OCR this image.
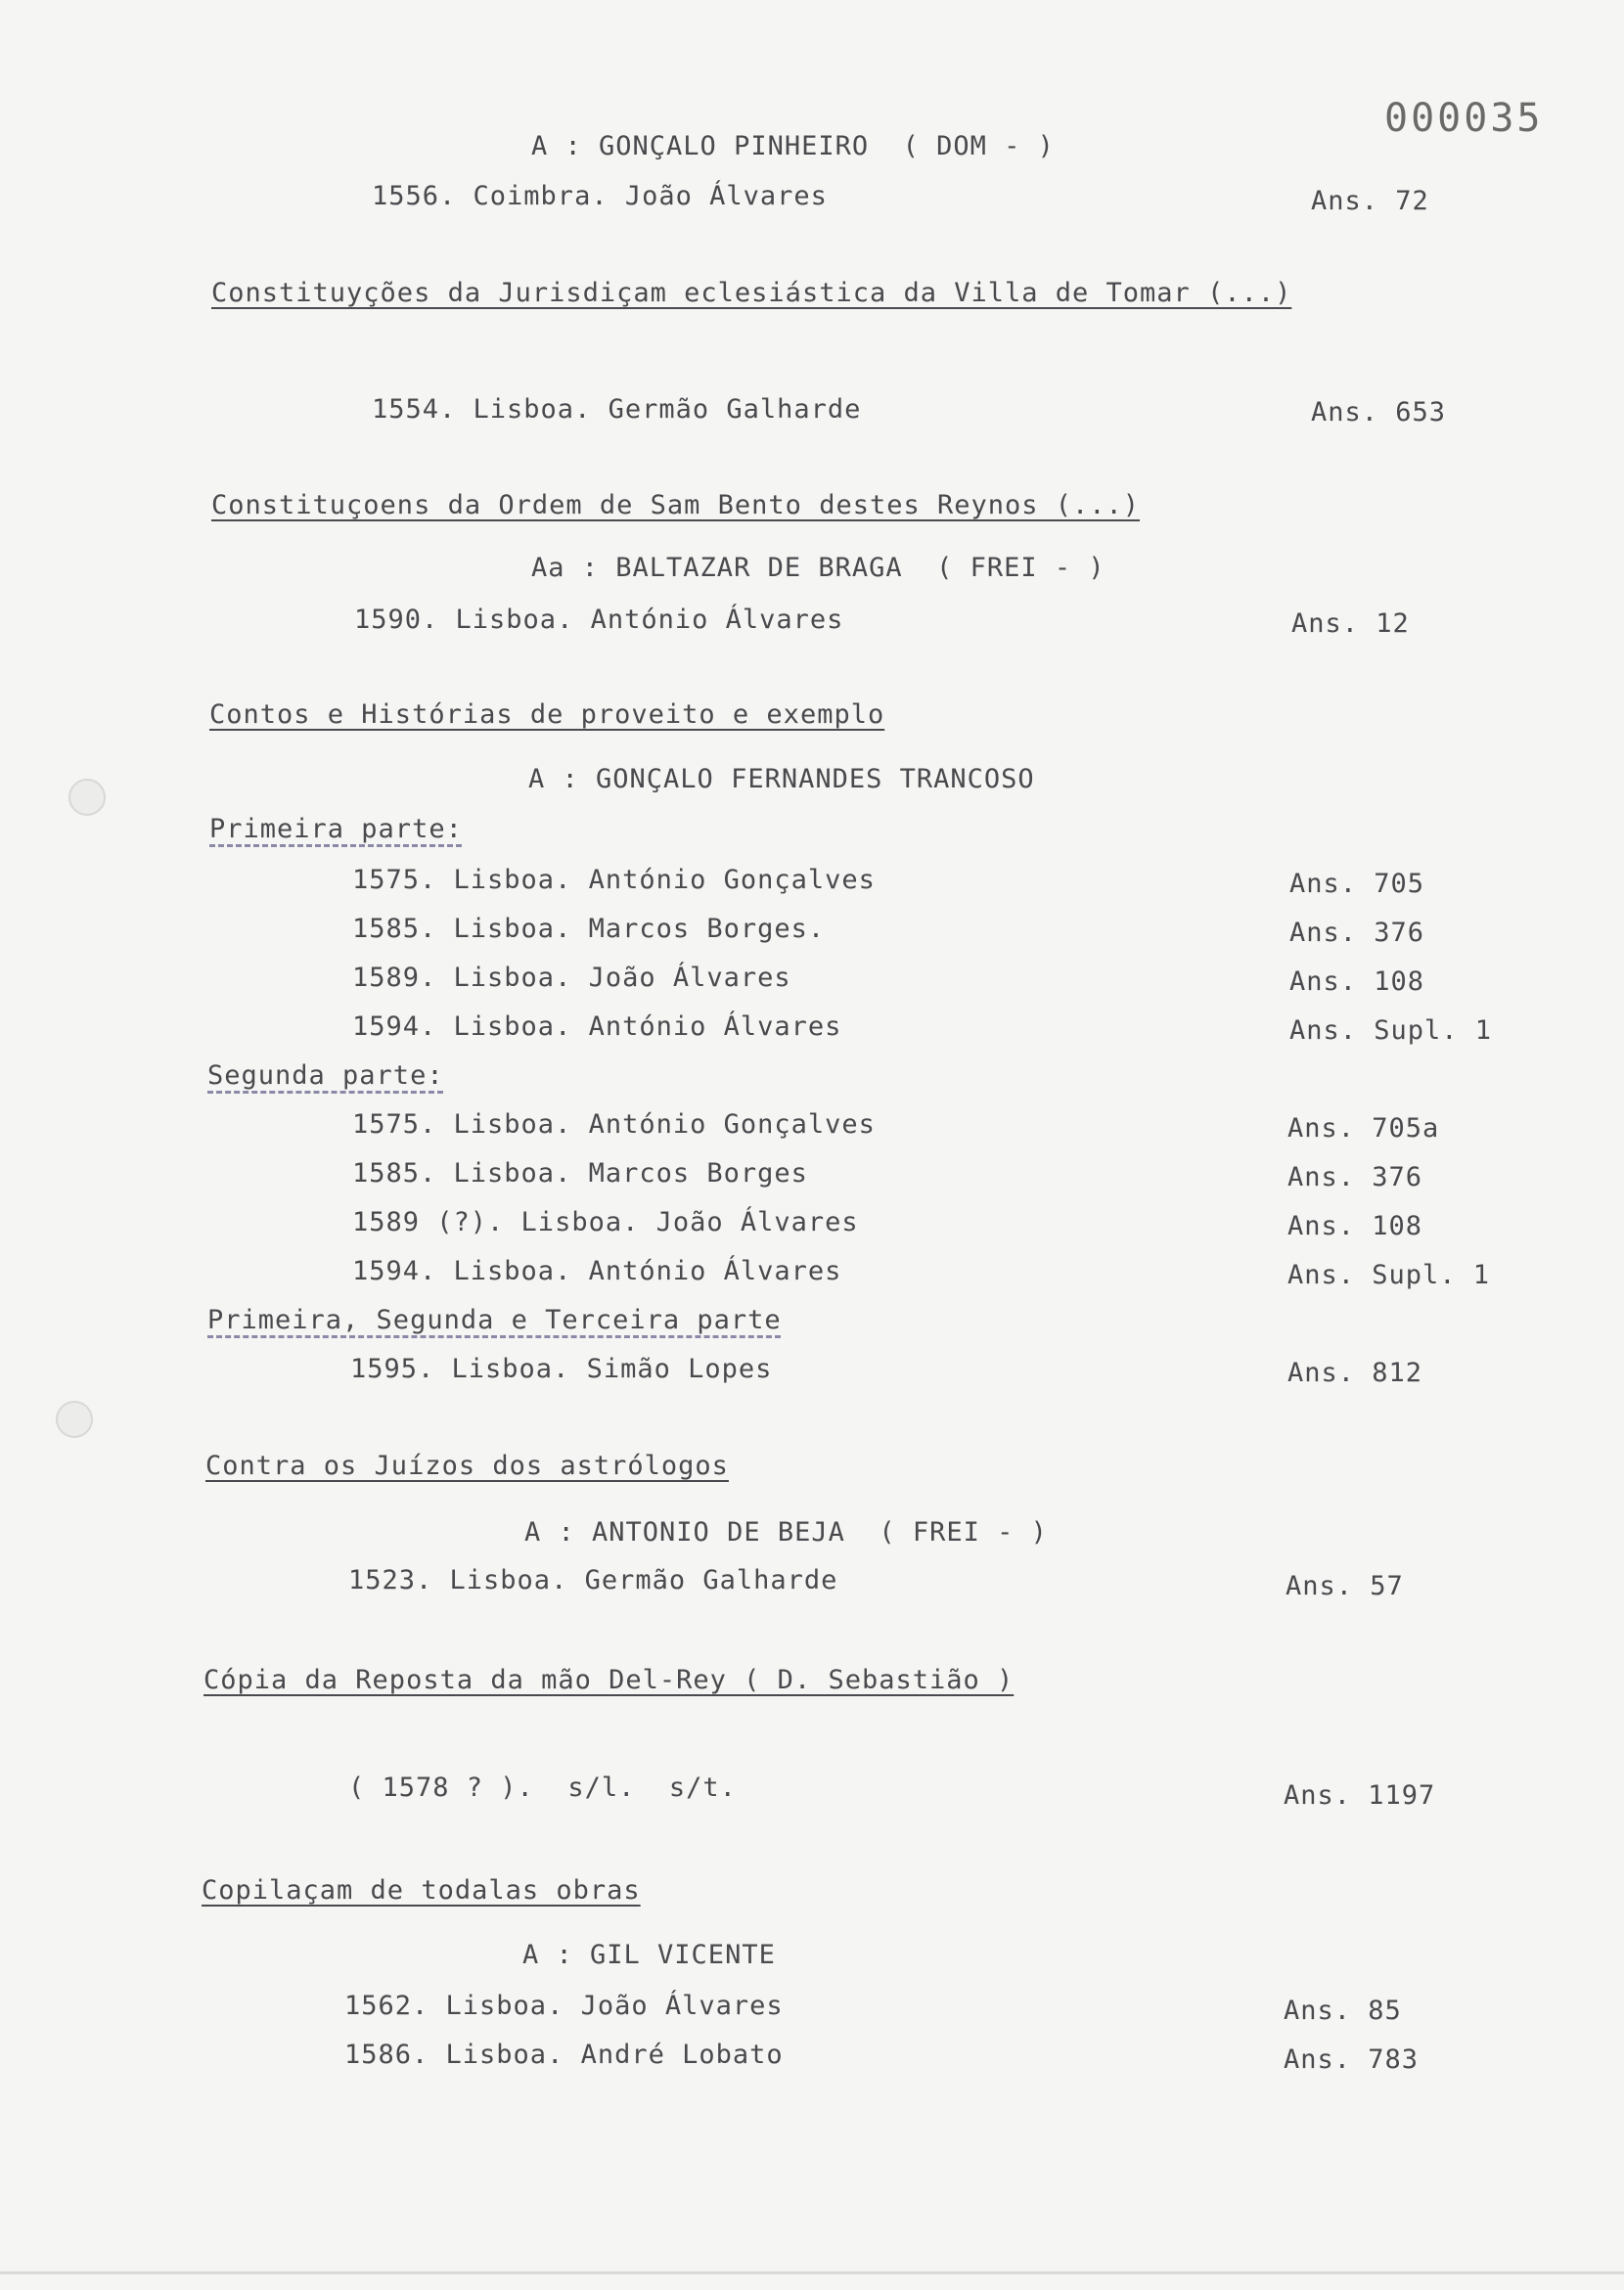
000035
A : GONÇALO PINHEIRO  ( DOM - )
1556. Coimbra. João Álvares	Ans. 72
Constituyções da Jurisdiçam eclesiástica da Villa de Tomar (...)
1554. Lisboa. Germão Galharde	Ans. 653
Constituçoens da Ordem de Sam Bento destes Reynos (...)
Aa : BALTAZAR DE BRAGA  ( FREI - )
1590. Lisboa. António Álvares	Ans. 12
Contos e Histórias de proveito e exemplo
A : GONÇALO FERNANDES TRANCOSO
Primeira parte:
1575. Lisboa. António Gonçalves	Ans. 705
1585. Lisboa. Marcos Borges.	Ans. 376
1589. Lisboa. João Álvares	Ans. 108
1594. Lisboa. António Álvares	Ans. Supl. 1
Segunda parte:
1575. Lisboa. António Gonçalves	Ans. 705a
1585. Lisboa. Marcos Borges	Ans. 376
1589 (?). Lisboa. João Álvares	Ans. 108
1594. Lisboa. António Álvares	Ans. Supl. 1
Primeira, Segunda e Terceira parte
1595. Lisboa. Simão Lopes	Ans. 812
Contra os Juízos dos astrólogos
A : ANTONIO DE BEJA  ( FREI - )
1523. Lisboa. Germão Galharde	Ans. 57
Cópia da Reposta da mão Del-Rey ( D. Sebastião )
( 1578 ? ).  s/l.  s/t.	Ans. 1197
Copilaçam de todalas obras
A : GIL VICENTE
1562. Lisboa. João Álvares	Ans. 85
1586. Lisboa. André Lobato	Ans. 783
